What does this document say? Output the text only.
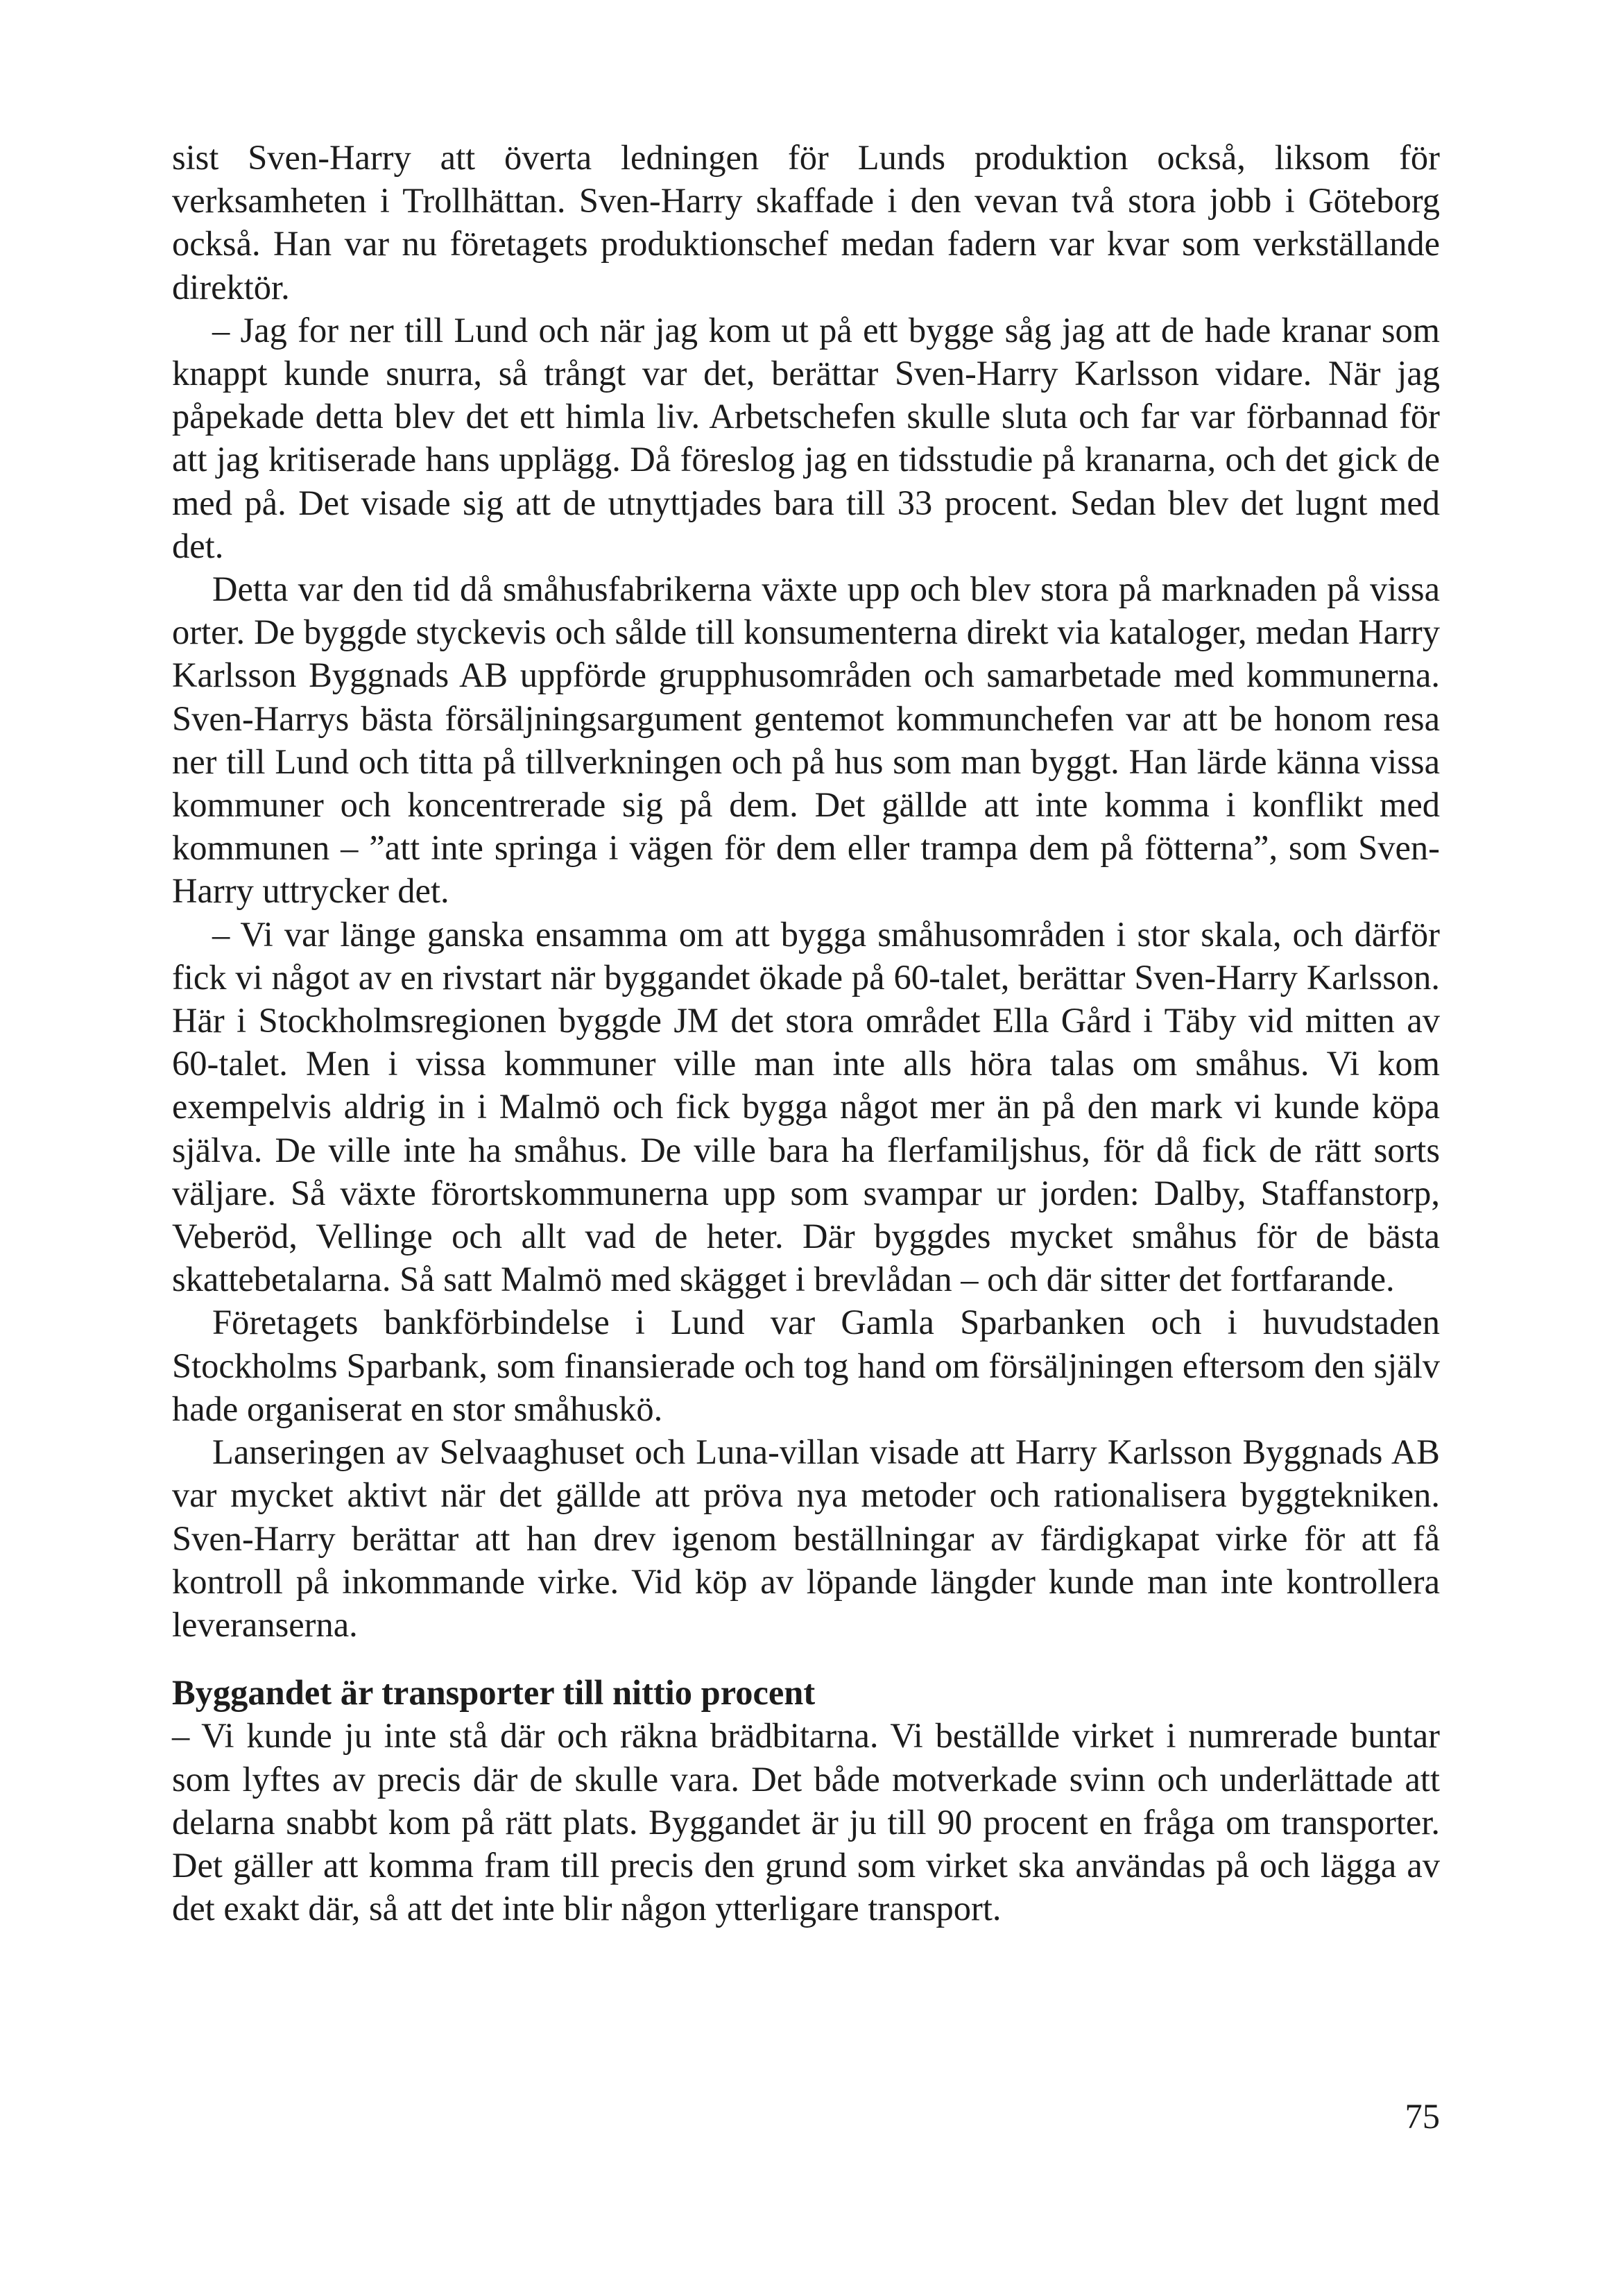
sist Sven-Harry att överta ledningen för Lunds produktion också, liksom för verksamheten i Trollhättan. Sven-Harry skaffade i den vevan två stora jobb i Göteborg också. Han var nu företagets produktionschef medan fadern var kvar som verkställande direktör.

– Jag for ner till Lund och när jag kom ut på ett bygge såg jag att de hade kranar som knappt kunde snurra, så trångt var det, berättar Sven-Harry Karlsson vidare. När jag påpekade detta blev det ett himla liv. Arbetschefen skulle sluta och far var förbannad för att jag kritiserade hans upplägg. Då föreslog jag en tidsstudie på kranarna, och det gick de med på. Det visade sig att de utnyttjades bara till 33 procent. Sedan blev det lugnt med det.

Detta var den tid då småhusfabrikerna växte upp och blev stora på marknaden på vissa orter. De byggde styckevis och sålde till konsumenterna direkt via kataloger, medan Harry Karlsson Byggnads AB uppförde grupphusområden och samarbetade med kommunerna. Sven-Harrys bästa försäljningsargument gentemot kommunchefen var att be honom resa ner till Lund och titta på tillverkningen och på hus som man byggt. Han lärde känna vissa kommuner och koncentrerade sig på dem. Det gällde att inte komma i konflikt med kommunen – ”att inte springa i vägen för dem eller trampa dem på fötterna”, som Sven-Harry uttrycker det.

– Vi var länge ganska ensamma om att bygga småhusområden i stor skala, och därför fick vi något av en rivstart när byggandet ökade på 60-talet, berättar Sven-Harry Karlsson. Här i Stockholmsregionen byggde JM det stora området Ella Gård i Täby vid mitten av 60-talet. Men i vissa kommuner ville man inte alls höra talas om småhus. Vi kom exempelvis aldrig in i Malmö och fick bygga något mer än på den mark vi kunde köpa själva. De ville inte ha småhus. De ville bara ha flerfamiljshus, för då fick de rätt sorts väljare. Så växte förortskommunerna upp som svampar ur jorden: Dalby, Staffanstorp, Veberöd, Vellinge och allt vad de heter. Där byggdes mycket småhus för de bästa skattebetalarna. Så satt Malmö med skägget i brevlådan – och där sitter det fortfarande.

Företagets bankförbindelse i Lund var Gamla Sparbanken och i huvudstaden Stockholms Sparbank, som finansierade och tog hand om försäljningen eftersom den själv hade organiserat en stor småhuskö.

Lanseringen av Selvaaghuset och Luna-villan visade att Harry Karlsson Byggnads AB var mycket aktivt när det gällde att pröva nya metoder och rationalisera byggtekniken. Sven-Harry berättar att han drev igenom beställningar av färdigkapat virke för att få kontroll på inkommande virke. Vid köp av löpande längder kunde man inte kontrollera leveranserna.

Byggandet är transporter till nittio procent

– Vi kunde ju inte stå där och räkna brädbitarna. Vi beställde virket i numrerade buntar som lyftes av precis där de skulle vara. Det både motverkade svinn och underlättade att delarna snabbt kom på rätt plats. Byggandet är ju till 90 procent en fråga om transporter. Det gäller att komma fram till precis den grund som virket ska användas på och lägga av det exakt där, så att det inte blir någon ytterligare transport.

75
